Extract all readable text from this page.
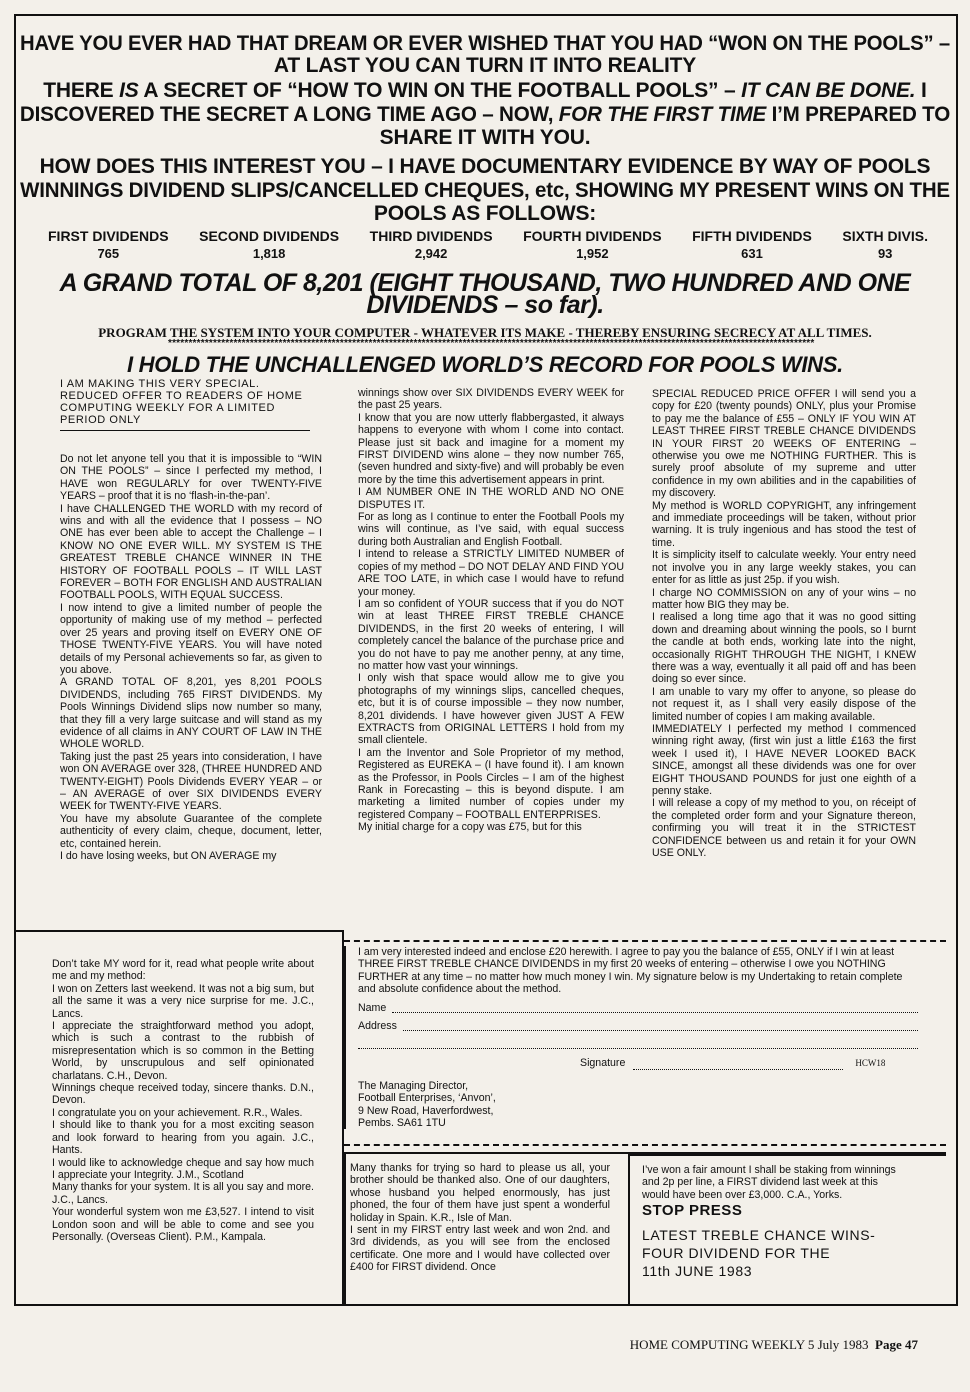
HAVE YOU EVER HAD THAT DREAM OR EVER WISHED THAT YOU HAD “WON ON THE POOLS” –
AT LAST YOU CAN TURN IT INTO REALITY
THERE IS A SECRET OF “HOW TO WIN ON THE FOOTBALL POOLS” – IT CAN BE DONE. I
DISCOVERED THE SECRET A LONG TIME AGO – NOW, FOR THE FIRST TIME I’M PREPARED TO
SHARE IT WITH YOU.
HOW DOES THIS INTEREST YOU – I HAVE DOCUMENTARY EVIDENCE BY WAY OF POOLS
WINNINGS DIVIDEND SLIPS/CANCELLED CHEQUES, etc, SHOWING MY PRESENT WINS ON THE
POOLS AS FOLLOWS:
FIRST DIVIDENDS
765
SECOND DIVIDENDS
1,818
THIRD DIVIDENDS
2,942
FOURTH DIVIDENDS
1,952
FIFTH DIVIDENDS
631
SIXTH DIVIS.
93
A GRAND TOTAL OF 8,201 (EIGHT THOUSAND, TWO HUNDRED AND ONE
DIVIDENDS – so far).
PROGRAM THE SYSTEM INTO YOUR COMPUTER - WHATEVER ITS MAKE - THEREBY ENSURING SECRECY AT ALL TIMES.
**************************************************************************************************************************************************************
I HOLD THE UNCHALLENGED WORLD’S RECORD FOR POOLS WINS.

I AM MAKING THIS VERY SPECIAL. REDUCED OFFER TO READERS OF HOME COMPUTING WEEKLY FOR A LIMITED PERIOD ONLY

Do not let anyone tell you that it is impossible to “WIN ON THE POOLS” – since I perfected my method, I HAVE won REGULARLY for over TWENTY-FIVE YEARS – proof that it is no ‘flash-in-the-pan’.

I have CHALLENGED THE WORLD with my record of wins and with all the evidence that I possess – NO ONE has ever been able to accept the Challenge – I KNOW NO ONE EVER WILL. MY SYSTEM IS THE GREATEST TREBLE CHANCE WINNER IN THE HISTORY OF FOOTBALL POOLS – IT WILL LAST FOREVER – BOTH FOR ENGLISH AND AUSTRALIAN FOOTBALL POOLS, WITH EQUAL SUCCESS.

I now intend to give a limited number of people the opportunity of making use of my method – perfected over 25 years and proving itself on EVERY ONE OF THOSE TWENTY-FIVE YEARS. You will have noted details of my Personal achievements so far, as given to you above.

A GRAND TOTAL OF 8,201, yes 8,201 POOLS DIVIDENDS, including 765 FIRST DIVIDENDS. My Pools Winnings Dividend slips now number so many, that they fill a very large suitcase and will stand as my evidence of all claims in ANY COURT OF LAW IN THE WHOLE WORLD.

Taking just the past 25 years into consideration, I have won ON AVERAGE over 328, (THREE HUNDRED AND TWENTY-EIGHT) Pools Dividends EVERY YEAR – or – AN AVERAGE of over SIX DIVIDENDS EVERY WEEK for TWENTY-FIVE YEARS.

You have my absolute Guarantee of the complete authenticity of every claim, cheque, document, letter, etc, contained herein.

I do have losing weeks, but ON AVERAGE my

winnings show over SIX DIVIDENDS EVERY WEEK for the past 25 years.

I know that you are now utterly flabbergasted, it always happens to everyone with whom I come into contact. Please just sit back and imagine for a moment my FIRST DIVIDEND wins alone – they now number 765, (seven hundred and sixty-five) and will probably be even more by the time this advertisement appears in print.

I AM NUMBER ONE IN THE WORLD AND NO ONE DISPUTES IT.

For as long as I continue to enter the Football Pools my wins will continue, as I’ve said, with equal success during both Australian and English Football.

I intend to release a STRICTLY LIMITED NUMBER of copies of my method – DO NOT DELAY AND FIND YOU ARE TOO LATE, in which case I would have to refund your money.

I am so confident of YOUR success that if you do NOT win at least THREE FIRST TREBLE CHANCE DIVIDENDS, in the first 20 weeks of entering, I will completely cancel the balance of the purchase price and you do not have to pay me another penny, at any time, no matter how vast your winnings.

I only wish that space would allow me to give you photographs of my winnings slips, cancelled cheques, etc, but it is of course impossible – they now number, 8,201 dividends. I have however given JUST A FEW EXTRACTS from ORIGINAL LETTERS I hold from my small clientele.

I am the Inventor and Sole Proprietor of my method, Registered as EUREKA – (I have found it). I am known as the Professor, in Pools Circles – I am of the highest Rank in Forecasting – this is beyond dispute. I am marketing a limited number of copies under my registered Company – FOOTBALL ENTERPRISES.

My initial charge for a copy was £75, but for this

SPECIAL REDUCED PRICE OFFER I will send you a copy for £20 (twenty pounds) ONLY, plus your Promise to pay me the balance of £55 – ONLY IF YOU WIN AT LEAST THREE FIRST TREBLE CHANCE DIVIDENDS IN YOUR FIRST 20 WEEKS OF ENTERING – otherwise you owe me NOTHING FURTHER. This is surely proof absolute of my supreme and utter confidence in my own abilities and in the capabilities of my discovery.

My method is WORLD COPYRIGHT, any infringement and immediate proceedings will be taken, without prior warning. It is truly ingenious and has stood the test of time.

It is simplicity itself to calculate weekly. Your entry need not involve you in any large weekly stakes, you can enter for as little as just 25p. if you wish.

I charge NO COMMISSION on any of your wins – no matter how BIG they may be.

I realised a long time ago that it was no good sitting down and dreaming about winning the pools, so I burnt the candle at both ends, working late into the night, occasionally RIGHT THROUGH THE NIGHT, I KNEW there was a way, eventually it all paid off and has been doing so ever since.

I am unable to vary my offer to anyone, so please do not request it, as I shall very easily dispose of the limited number of copies I am making available.

IMMEDIATELY I perfected my method I commenced winning right away, (first win just a little £163 the first week I used it), I HAVE NEVER LOOKED BACK SINCE, amongst all these dividends was one for over EIGHT THOUSAND POUNDS for just one eighth of a penny stake.

I will release a copy of my method to you, on réceipt of the completed order form and your Signature thereon, confirming you will treat it in the STRICTEST CONFIDENCE between us and retain it for your OWN USE ONLY.

Don’t take MY word for it, read what people write about me and my method:

I won on Zetters last weekend. It was not a big sum, but all the same it was a very nice surprise for me. J.C., Lancs.

I appreciate the straightforward method you adopt, which is such a contrast to the rubbish of misrepresentation which is so common in the Betting World, by unscrupulous and self opinionated charlatans. C.H., Devon.

Winnings cheque received today, sincere thanks. D.N., Devon.

I congratulate you on your achievement. R.R., Wales.

I should like to thank you for a most exciting season and look forward to hearing from you again. J.C., Hants.

I would like to acknowledge cheque and say how much I appreciate your Integrity. J.M., Scotland

Many thanks for your system. It is all you say and more. J.C., Lancs.

Your wonderful system won me £3,527. I intend to visit London soon and will be able to come and see you Personally. (Overseas Client). P.M., Kampala.

I am very interested indeed and enclose £20 herewith. I agree to pay you the balance of £55, ONLY if I win at least THREE FIRST TREBLE CHANCE DIVIDENDS in my first 20 weeks of entering – otherwise I owe you NOTHING FURTHER at any time – no matter how much money I win. My signature below is my Undertaking to retain complete and absolute confidence about the method.

Name
Address
Signature	HCW18

The Managing Director,

Football Enterprises, ‘Anvon’,

9 New Road, Haverfordwest,

Pembs. SA61 1TU

Many thanks for trying so hard to please us all, your brother should be thanked also. One of our daughters, whose husband you helped enormously, has just phoned, the four of them have just spent a wonderful holiday in Spain. K.R., Isle of Man.

I sent in my FIRST entry last week and won 2nd. and 3rd dividends, as you will see from the enclosed certificate. One more and I would have collected over £400 for FIRST dividend. Once

I’ve won a fair amount I shall be staking from winnings and 2p per line, a FIRST dividend last week at this would have been over £3,000. C.A., Yorks.

STOP PRESS

LATEST TREBLE CHANCE WINS-

FOUR DIVIDEND FOR THE

11th JUNE 1983

HOME COMPUTING WEEKLY 5 July 1983 Page 47
